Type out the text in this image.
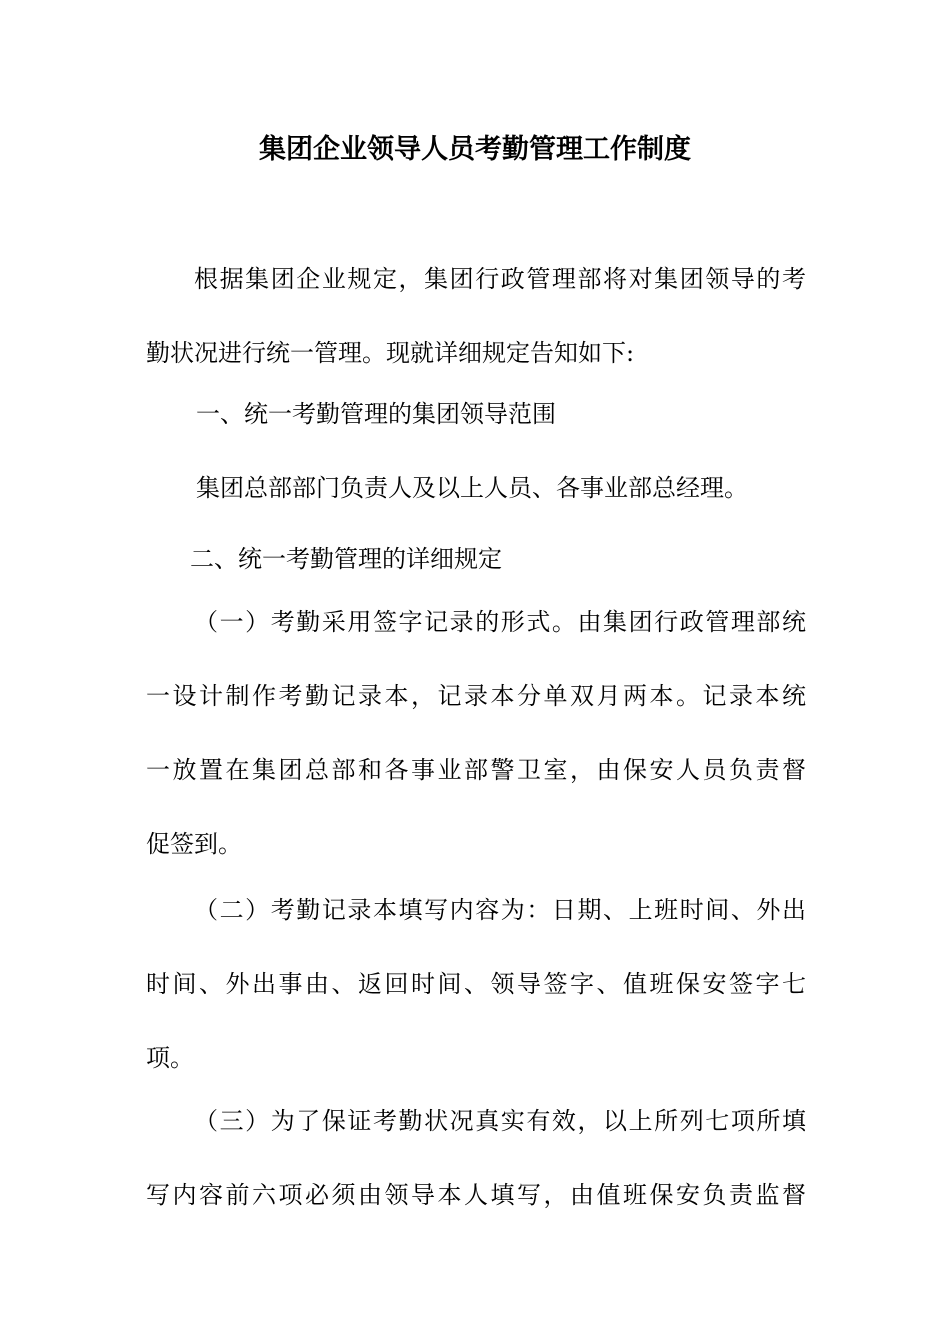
集团企业领导人员考勤管理工作制度
根据集团企业规定，集团行政管理部将对集团领导的考
勤状况进行统一管理。现就详细规定告知如下:
一、统一考勤管理的集团领导范围
集团总部部门负责人及以上人员、各事业部总经理。
二、统一考勤管理的详细规定
（一）考勤采用签字记录的形式。由集团行政管理部统
一设计制作考勤记录本，记录本分单双月两本。记录本统
一放置在集团总部和各事业部警卫室，由保安人员负责督
促签到。
（二）考勤记录本填写内容为：日期、上班时间、外出
时间、外出事由、返回时间、领导签字、值班保安签字七
项。
（三）为了保证考勤状况真实有效，以上所列七项所填
写内容前六项必须由领导本人填写，由值班保安负责监督
